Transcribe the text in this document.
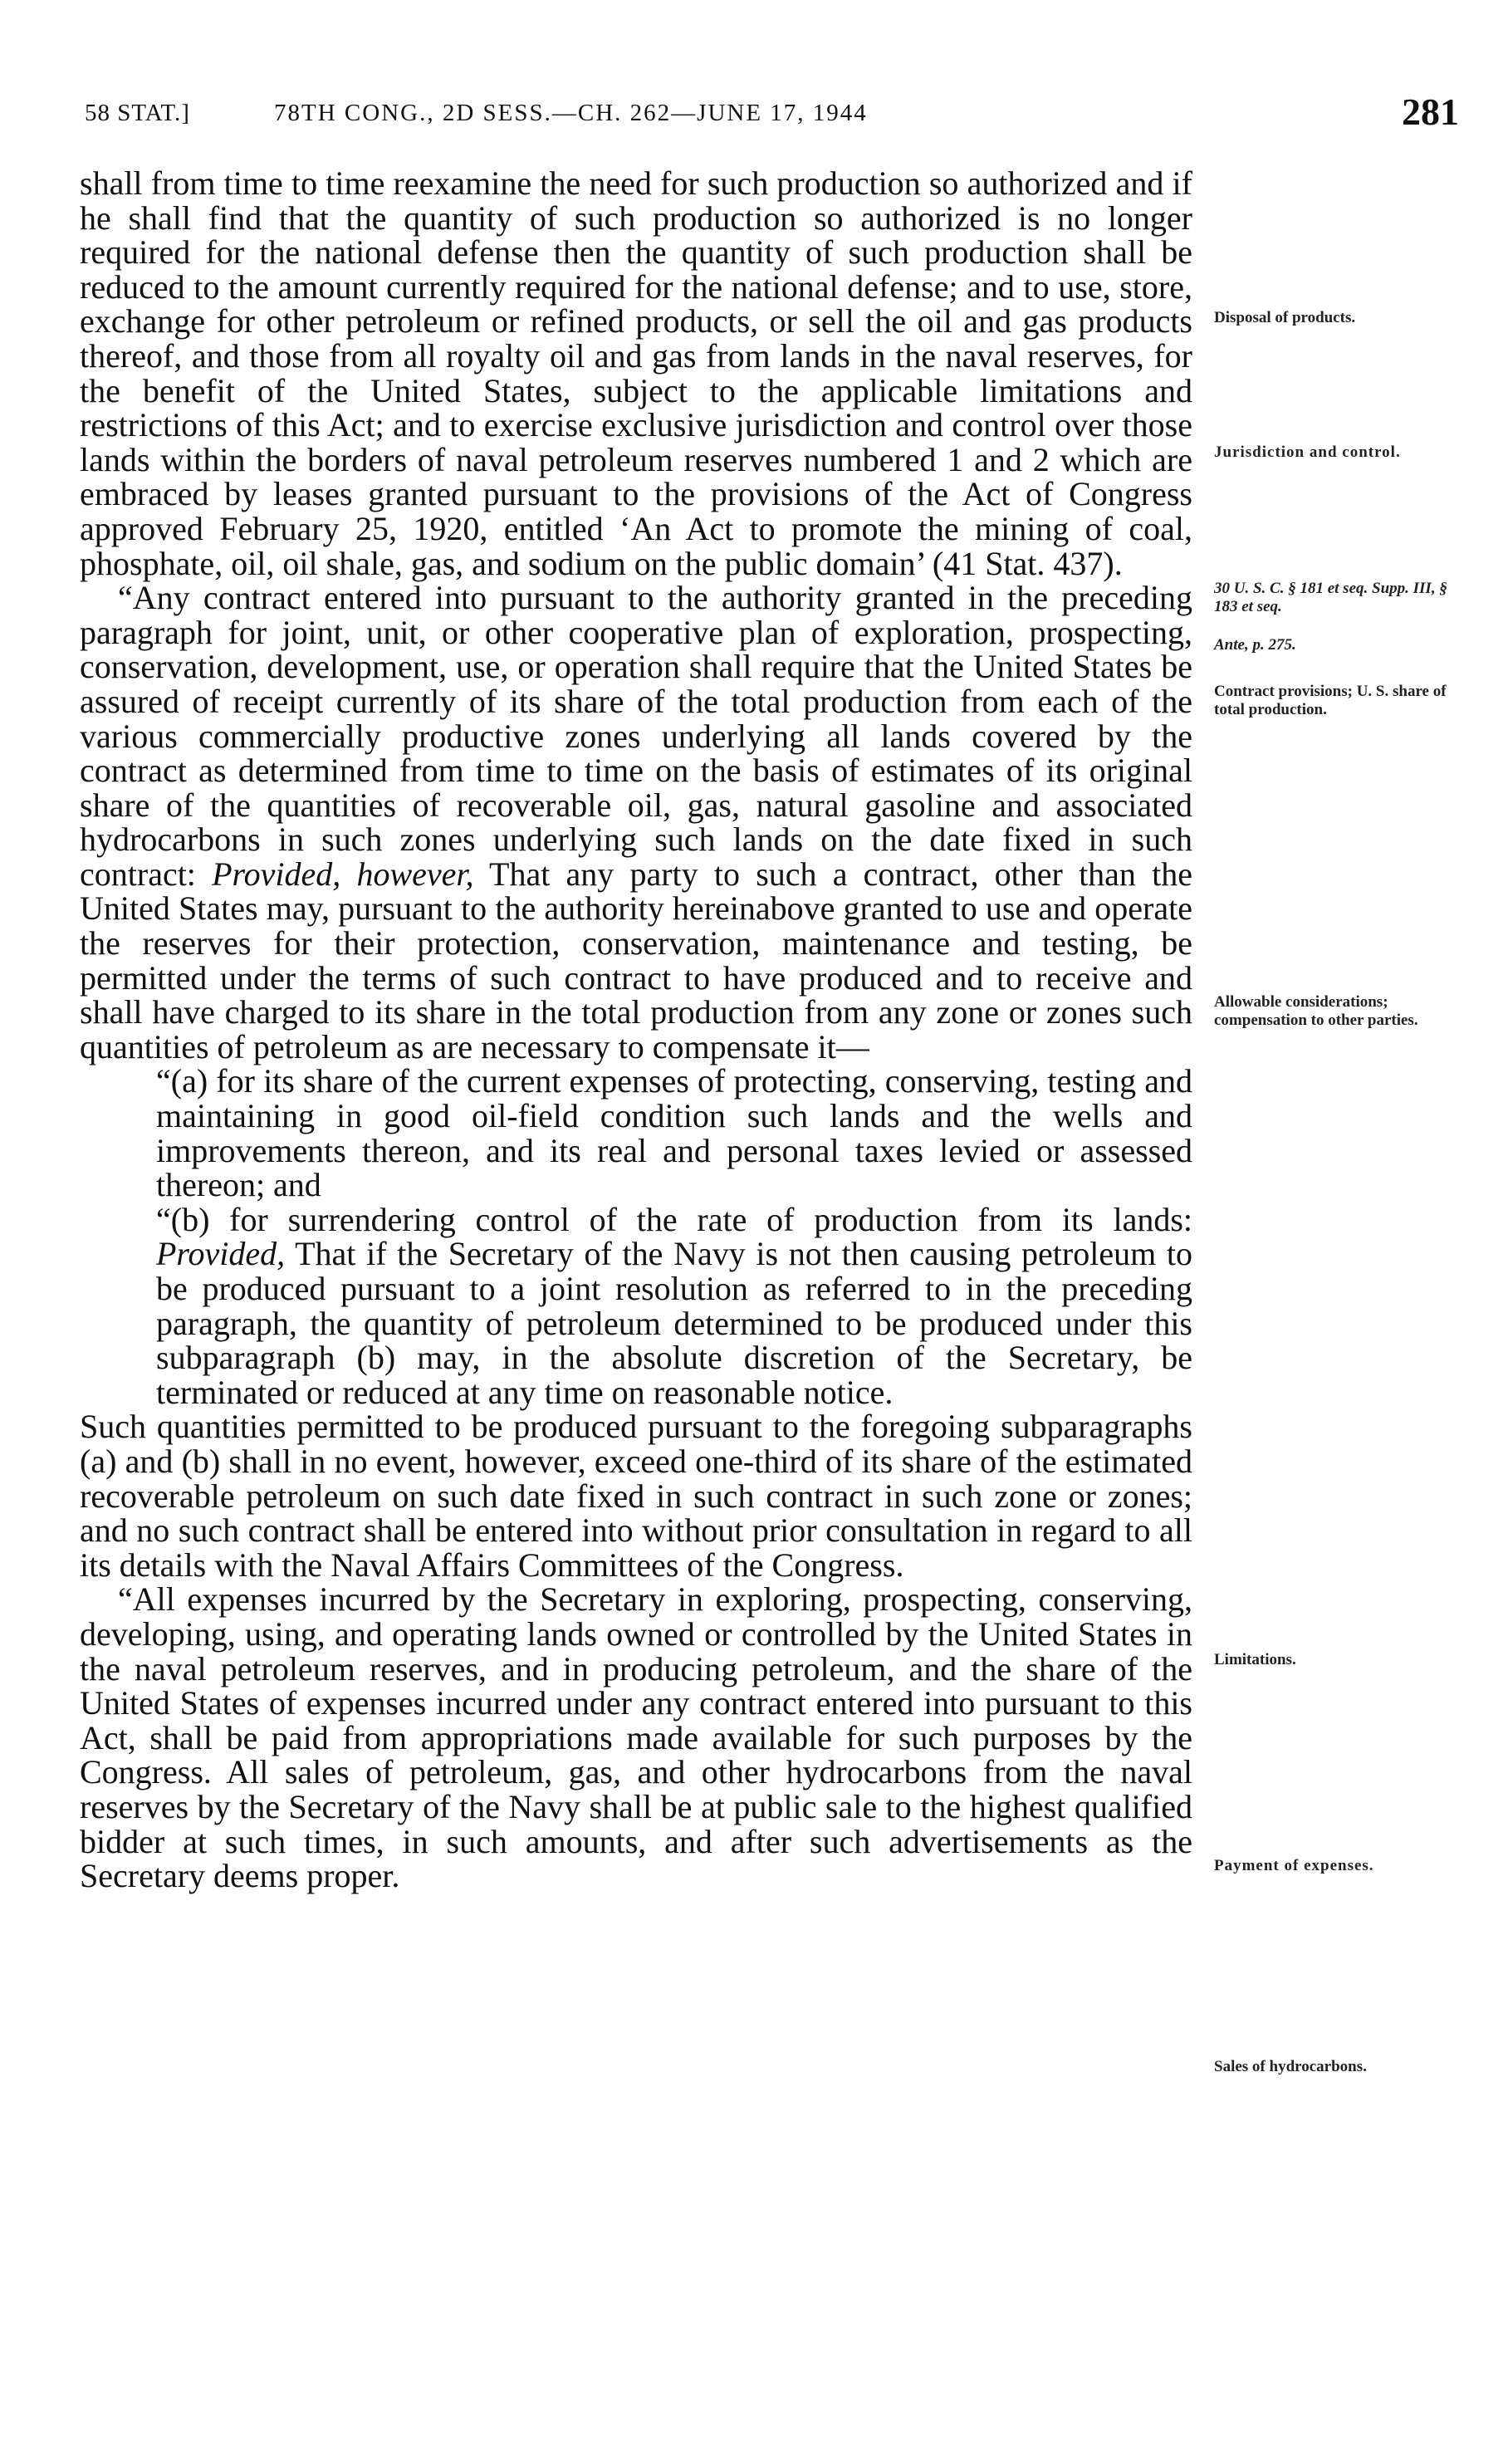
58 STAT.]	78TH CONG., 2D SESS.—CH. 262—JUNE 17, 1944	281

shall from time to time reexamine the need for such production so authorized and if he shall find that the quantity of such production so authorized is no longer required for the national defense then the quantity of such production shall be reduced to the amount currently required for the national defense; and to use, store, exchange for other petroleum or refined products, or sell the oil and gas products thereof, and those from all royalty oil and gas from lands in the naval reserves, for the benefit of the United States, subject to the applicable limitations and restrictions of this Act; and to exercise exclusive jurisdiction and control over those lands within the borders of naval petroleum reserves numbered 1 and 2 which are embraced by leases granted pursuant to the provisions of the Act of Congress approved February 25, 1920, entitled ‘An Act to promote the mining of coal, phosphate, oil, oil shale, gas, and sodium on the public domain’ (41 Stat. 437).

“Any contract entered into pursuant to the authority granted in the preceding paragraph for joint, unit, or other cooperative plan of exploration, prospecting, conservation, development, use, or operation shall require that the United States be assured of receipt currently of its share of the total production from each of the various commercially productive zones underlying all lands covered by the contract as determined from time to time on the basis of estimates of its original share of the quantities of recoverable oil, gas, natural gasoline and associated hydrocarbons in such zones underlying such lands on the date fixed in such contract: Provided, however, That any party to such a contract, other than the United States may, pursuant to the authority hereinabove granted to use and operate the reserves for their protection, conservation, maintenance and testing, be permitted under the terms of such contract to have produced and to receive and shall have charged to its share in the total production from any zone or zones such quantities of petroleum as are necessary to compensate it—

“(a) for its share of the current expenses of protecting, conserving, testing and maintaining in good oil-field condition such lands and the wells and improvements thereon, and its real and personal taxes levied or assessed thereon; and

“(b) for surrendering control of the rate of production from its lands: Provided, That if the Secretary of the Navy is not then causing petroleum to be produced pursuant to a joint resolution as referred to in the preceding paragraph, the quantity of petroleum determined to be produced under this subparagraph (b) may, in the absolute discretion of the Secretary, be terminated or reduced at any time on reasonable notice.

Such quantities permitted to be produced pursuant to the foregoing subparagraphs (a) and (b) shall in no event, however, exceed one-third of its share of the estimated recoverable petroleum on such date fixed in such contract in such zone or zones; and no such contract shall be entered into without prior consultation in regard to all its details with the Naval Affairs Committees of the Congress.

“All expenses incurred by the Secretary in exploring, prospecting, conserving, developing, using, and operating lands owned or controlled by the United States in the naval petroleum reserves, and in producing petroleum, and the share of the United States of expenses incurred under any contract entered into pursuant to this Act, shall be paid from appropriations made available for such purposes by the Congress. All sales of petroleum, gas, and other hydrocarbons from the naval reserves by the Secretary of the Navy shall be at public sale to the highest qualified bidder at such times, in such amounts, and after such advertisements as the Secretary deems proper.

Disposal of products.
Jurisdiction and control.
30 U. S. C. § 181 et seq. Supp. III, § 183 et seq.
Ante, p. 275.
Contract provisions; U. S. share of total production.
Allowable considerations; compensation to other parties.
Limitations.
Payment of expenses.
Sales of hydrocarbons.
